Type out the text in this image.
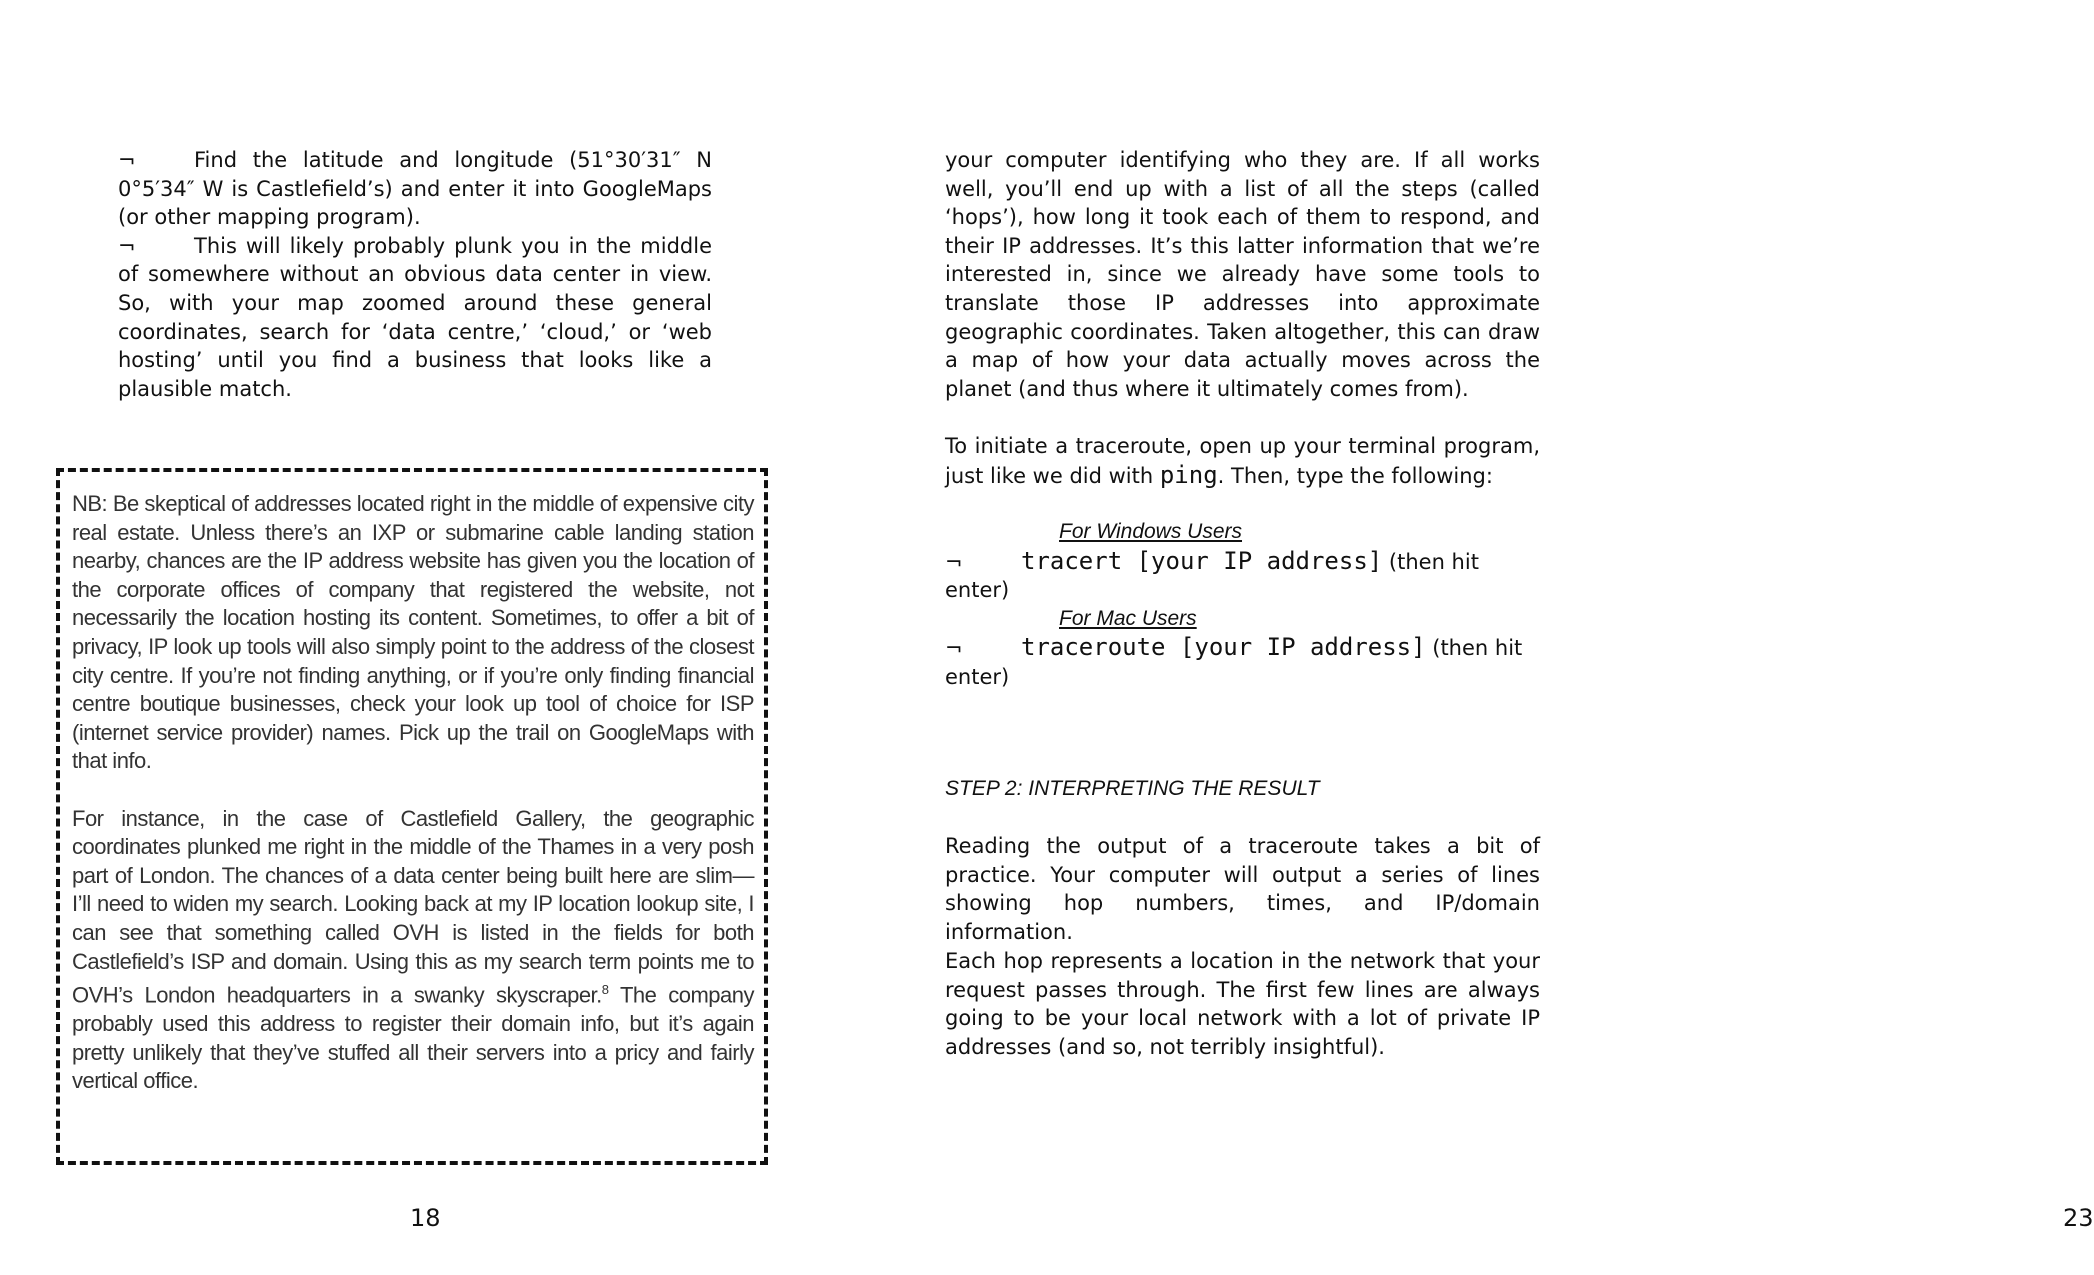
¬	Find the latitude and longitude (51°30′31″ N 0°5′34″ W is Castlefield’s) and enter it into GoogleMaps (or other mapping program).
¬	This will likely probably plunk you in the middle of somewhere without an obvious data center in view. So, with your map zoomed around these general coordinates, search for ‘data centre,’ ‘cloud,’ or ‘web hosting’ until you find a business that looks like a plausible match.

NB: Be skeptical of addresses located right in the middle of expensive city real estate. Unless there’s an IXP or submarine cable landing station nearby, chances are the IP address website has given you the location of the corporate offices of company that registered the website, not necessarily the location hosting its content. Sometimes, to offer a bit of privacy, IP look up tools will also simply point to the address of the closest city centre. If you’re not finding anything, or if you’re only finding financial centre boutique businesses, check your look up tool of choice for ISP (internet service provider) names. Pick up the trail on GoogleMaps with that info.

For instance, in the case of Castlefield Gallery, the geographic coordinates plunked me right in the middle of the Thames in a very posh part of London. The chances of a data center being built here are slim—I’ll need to widen my search. Looking back at my IP location lookup site, I can see that something called OVH is listed in the fields for both Castlefield’s ISP and domain. Using this as my search term points me to OVH’s London headquarters in a swanky skyscraper.$^8$ The company probably used this address to register their domain info, but it’s again pretty unlikely that they’ve stuffed all their servers into a pricy and fairly vertical office.

18

your computer identifying who they are. If all works well, you’ll end up with a list of all the steps (called ‘hops’), how long it took each of them to respond, and their IP addresses. It’s this latter information that we’re interested in, since we already have some tools to translate those IP addresses into approximate geographic coordinates. Taken altogether, this can draw a map of how your data actually moves across the planet (and thus where it ultimately comes from).

To initiate a traceroute, open up your terminal program, just like we did with ping. Then, type the following:

For Windows Users
¬ tracert [your IP address] (then hit enter)
For Mac Users
¬ traceroute [your IP address] (then hit enter)
STEP 2: INTERPRETING THE RESULT

Reading the output of a traceroute takes a bit of practice. Your computer will output a series of lines showing hop numbers, times, and IP/domain information.

Each hop represents a location in the network that your request passes through. The first few lines are always going to be your local network with a lot of private IP addresses (and so, not terribly insightful).

23
